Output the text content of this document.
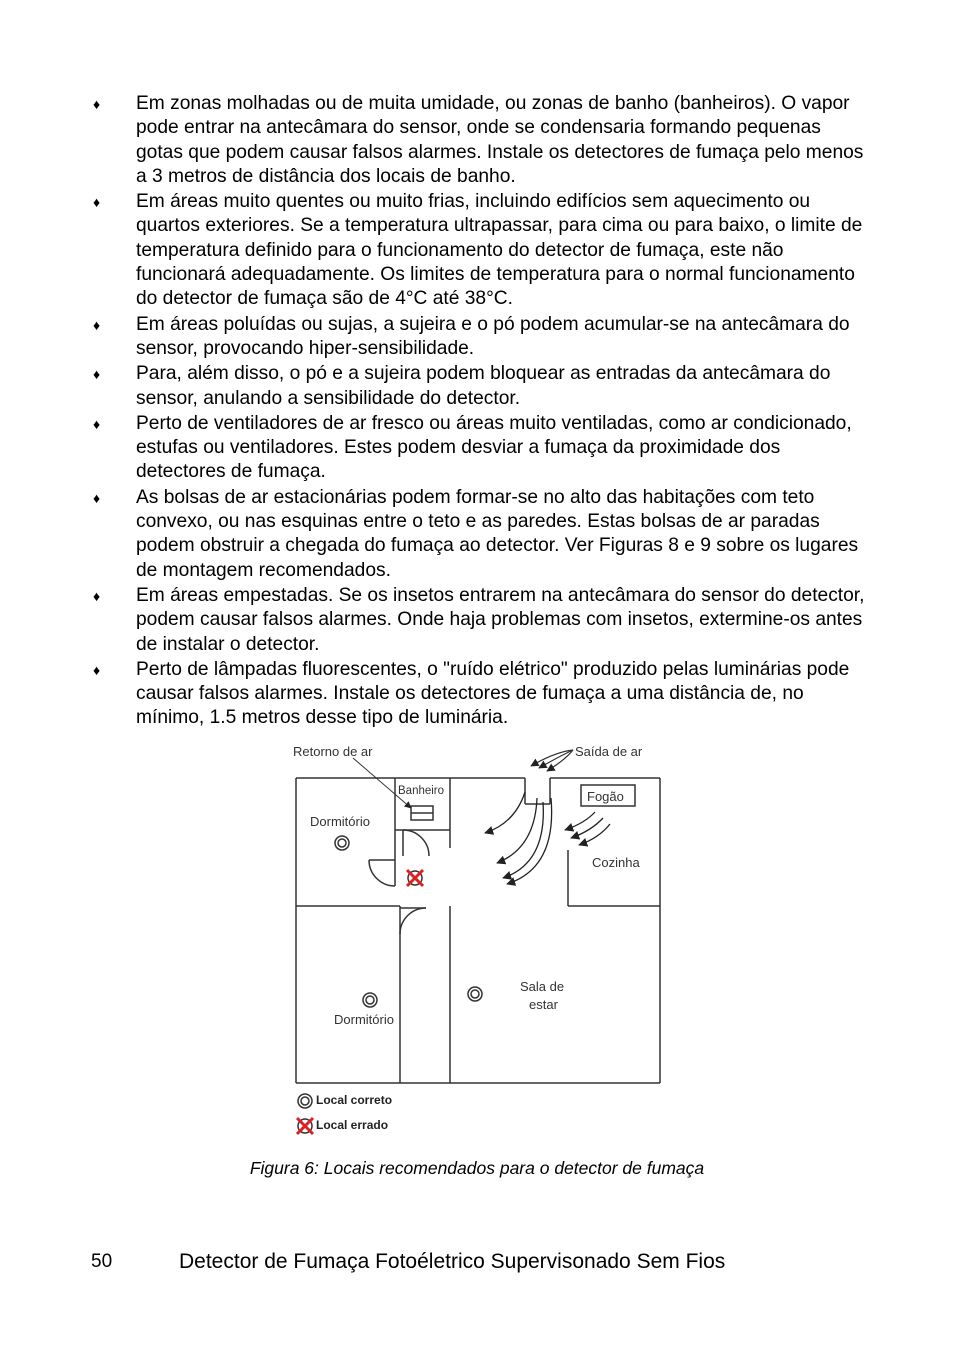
♦ Em zonas molhadas ou de muita umidade, ou zonas de banho (banheiros). O vapor pode entrar na antecâmara do sensor, onde se condensaria formando pequenas gotas que podem causar falsos alarmes. Instale os detectores de fumaça pelo menos a 3 metros de distância dos locais de banho.
♦ Em áreas muito quentes ou muito frias, incluindo edifícios sem aquecimento ou quartos exteriores. Se a temperatura ultrapassar, para cima ou para baixo, o limite de temperatura definido para o funcionamento do detector de fumaça, este não funcionará adequadamente. Os limites de temperatura para o normal funcionamento do detector de fumaça são de 4°C até 38°C.
♦ Em áreas poluídas ou sujas, a sujeira e o pó podem acumular-se na antecâmara do sensor, provocando hiper-sensibilidade.
♦ Para, além disso, o pó e a sujeira podem bloquear as entradas da antecâmara do sensor, anulando a sensibilidade do detector.
♦ Perto de ventiladores de ar fresco ou áreas muito ventiladas, como ar condicionado, estufas ou ventiladores. Estes podem desviar a fumaça da proximidade dos detectores de fumaça.
♦ As bolsas de ar estacionárias podem formar-se no alto das habitações com teto convexo, ou nas esquinas entre o teto e as paredes. Estas bolsas de ar paradas podem obstruir a chegada do fumaça ao detector. Ver Figuras 8 e 9 sobre os lugares de montagem recomendados.
♦ Em áreas empestadas. Se os insetos entrarem na antecâmara do sensor do detector, podem causar falsos alarmes. Onde haja problemas com insetos, extermine-os antes de instalar o detector.
♦ Perto de lâmpadas fluorescentes, o "ruído elétrico" produzido pelas luminárias pode causar falsos alarmes. Instale os detectores de fumaça a uma distância de, no mínimo, 1.5 metros desse tipo de luminária.
Retorno de ar	Saída de ar
Banheiro	Fogão
Dormitório
Cozinha
Sala de
estar
Dormitório
Local correto
Local errado
Figura 6: Locais recomendados para o detector de fumaça
50	Detector de Fumaça Fotoéletrico Supervisonado Sem Fios
